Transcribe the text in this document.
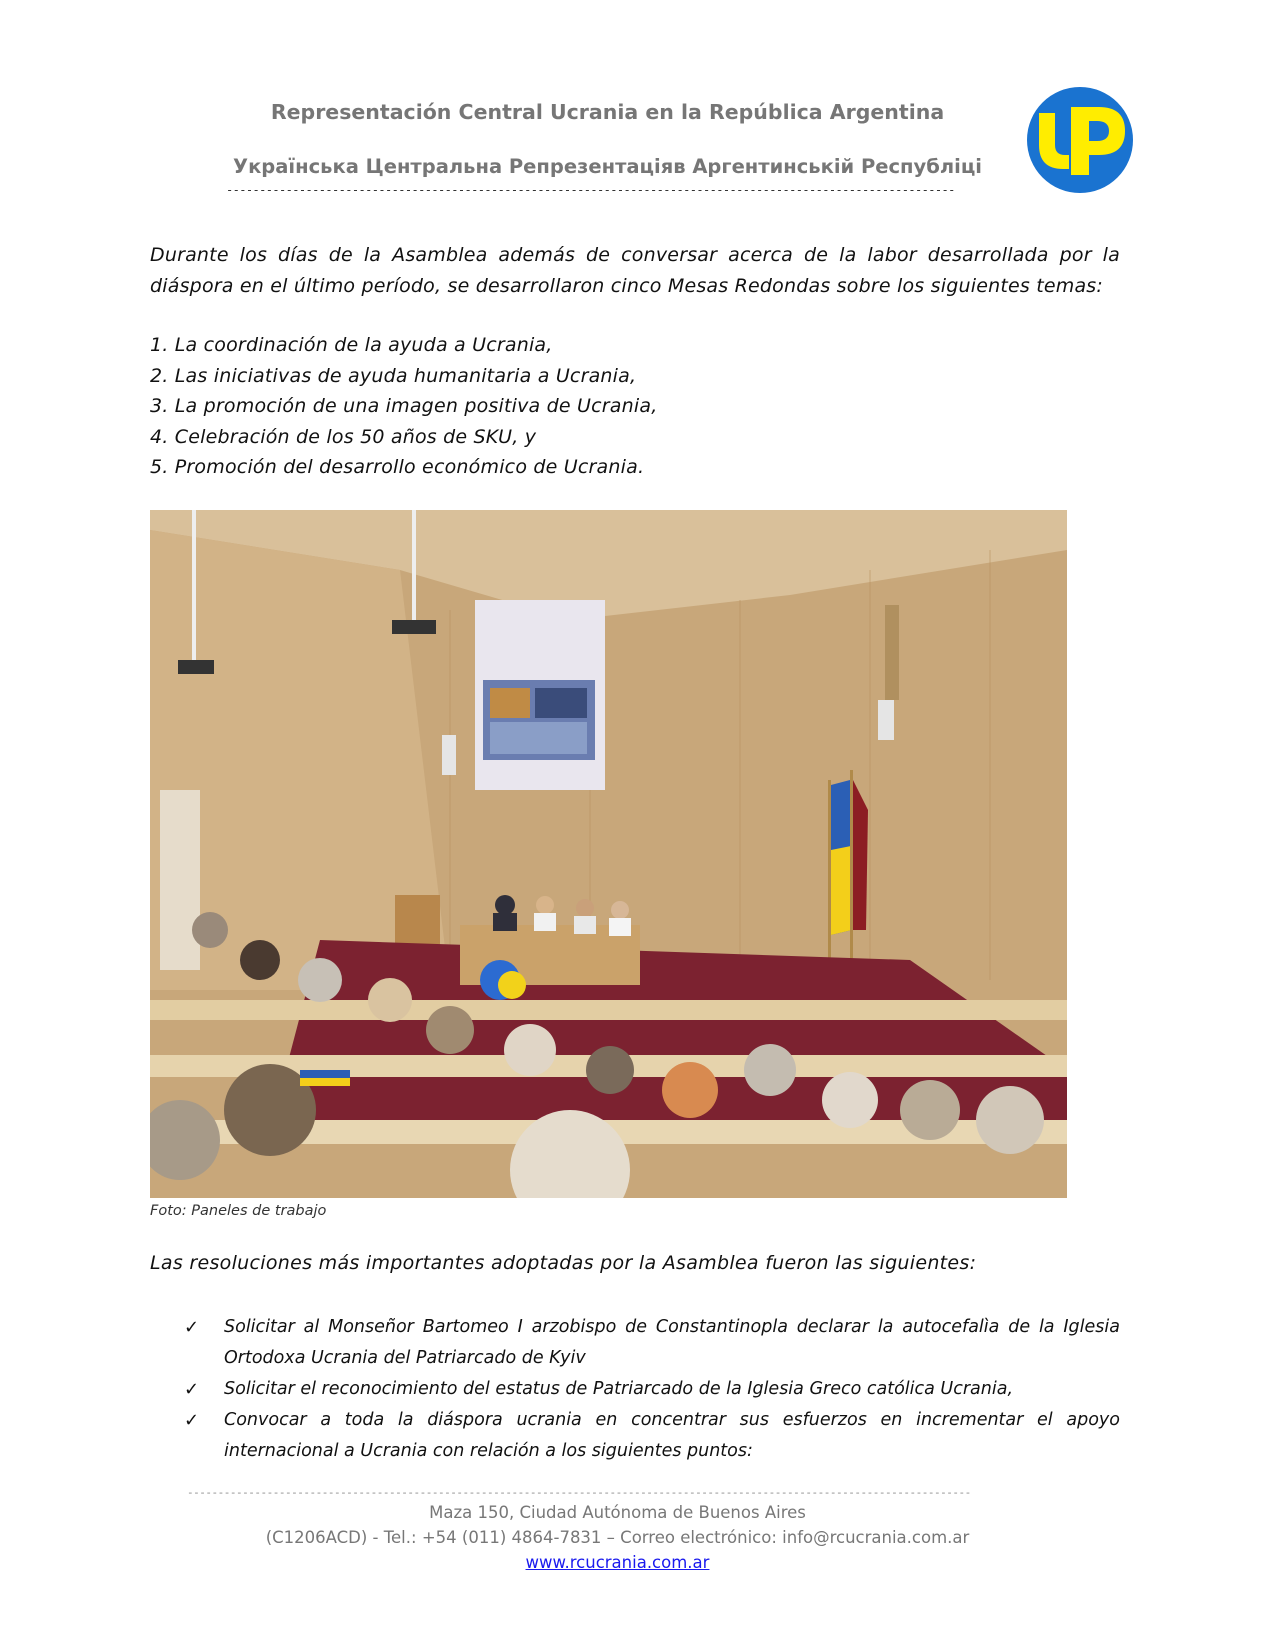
Representación Central Ucrania en la República Argentina
Українська Центральна Репрезентаціяв Аргентинській Республіці
--------------------------------------------------------------------------------------------------------------
Durante los días de la Asamblea además de conversar acerca de la labor desarrollada por la diáspora en el último período, se desarrollaron cinco Mesas Redondas sobre los siguientes temas:
1. La coordinación de la ayuda a Ucrania,
2. Las iniciativas de ayuda humanitaria a Ucrania,
3. La promoción de una imagen positiva de Ucrania,
4. Celebración de los 50 años de SKU, y
5. Promoción del desarrollo económico de Ucrania.
Foto: Paneles de trabajo
Las resoluciones más importantes adoptadas por la Asamblea fueron las siguientes:
✓ Solicitar al Monseñor Bartomeo I arzobispo de Constantinopla declarar la autocefalìa de la Iglesia Ortodoxa Ucrania del Patriarcado de Kyiv
✓ Solicitar el reconocimiento del estatus de Patriarcado de la Iglesia Greco católica Ucrania,
✓ Convocar a toda la diáspora ucrania en concentrar sus esfuerzos en incrementar el apoyo internacional a Ucrania con relación a los siguientes puntos:
--------------------------------------------------------------------------------------------------------------------------------
Maza 150, Ciudad Autónoma de Buenos Aires
(C1206ACD) - Tel.: +54 (011) 4864-7831 – Correo electrónico: info@rcucrania.com.ar
www.rcucrania.com.ar
